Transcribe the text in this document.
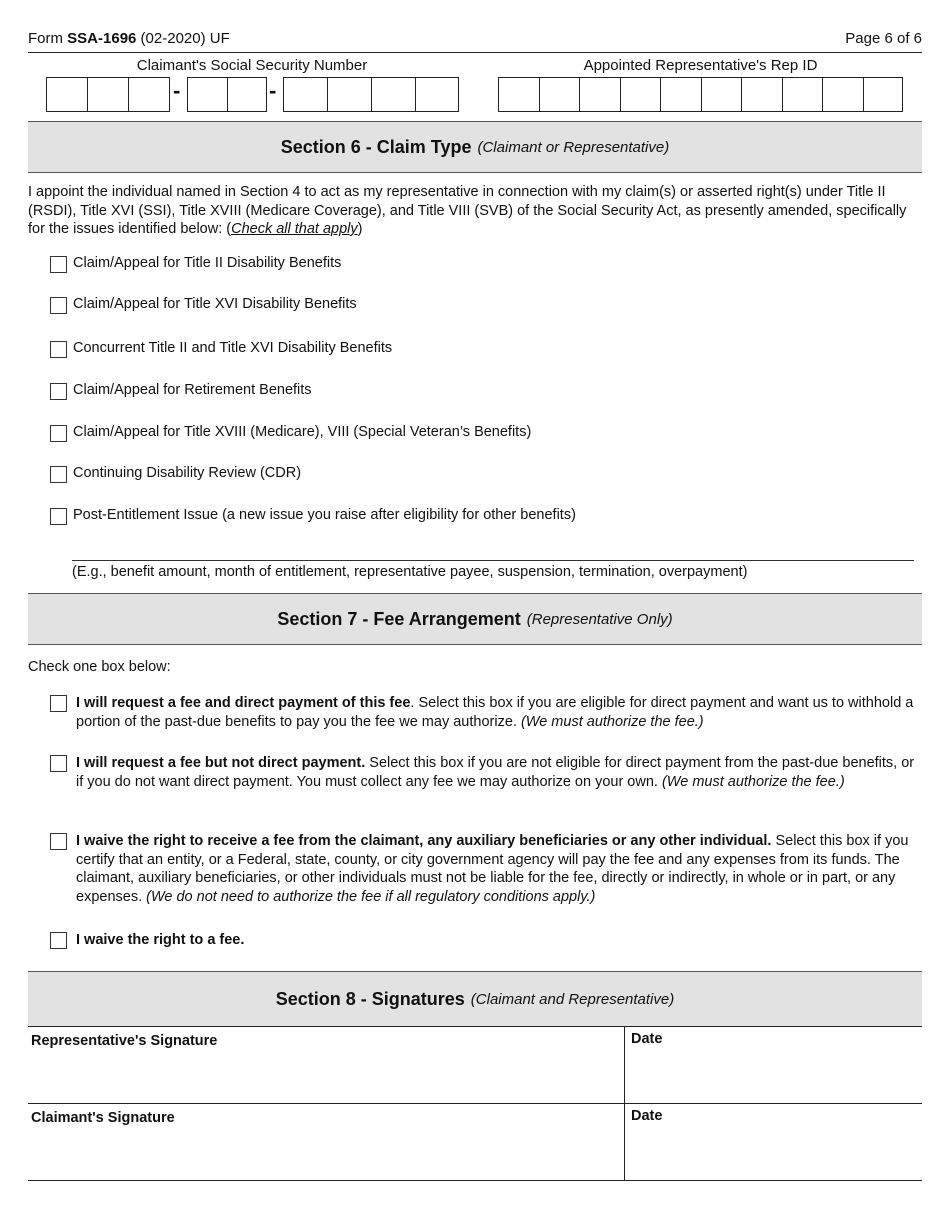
Form SSA-1696 (02-2020) UF	Page 6 of 6
Claimant's Social Security Number	Appointed Representative's Rep ID
-	-
Section 6 - Claim Type (Claimant or Representative)
I appoint the individual named in Section 4 to act as my representative in connection with my claim(s) or asserted right(s) under Title II (RSDI), Title XVI (SSI), Title XVIII (Medicare Coverage), and Title VIII (SVB) of the Social Security Act, as presently amended, specifically for the issues identified below: (Check all that apply)
Claim/Appeal for Title II Disability Benefits
Claim/Appeal for Title XVI Disability Benefits
Concurrent Title II and Title XVI Disability Benefits
Claim/Appeal for Retirement Benefits
Claim/Appeal for Title XVIII (Medicare), VIII (Special Veteran’s Benefits)
Continuing Disability Review (CDR)
Post-Entitlement Issue (a new issue you raise after eligibility for other benefits)
(E.g., benefit amount, month of entitlement, representative payee, suspension, termination, overpayment)
Section 7 - Fee Arrangement (Representative Only)
Check one box below:
I will request a fee and direct payment of this fee. Select this box if you are eligible for direct payment and want us to withhold a portion of the past-due benefits to pay you the fee we may authorize. (We must authorize the fee.)
I will request a fee but not direct payment. Select this box if you are not eligible for direct payment from the past-due benefits, or if you do not want direct payment. You must collect any fee we may authorize on your own. (We must authorize the fee.)
I waive the right to receive a fee from the claimant, any auxiliary beneficiaries or any other individual. Select this box if you certify that an entity, or a Federal, state, county, or city government agency will pay the fee and any expenses from its funds. The claimant, auxiliary beneficiaries, or other individuals must not be liable for the fee, directly or indirectly, in whole or in part, or any expenses. (We do not need to authorize the fee if all regulatory conditions apply.)
I waive the right to a fee.
Section 8 - Signatures (Claimant and Representative)
Representative's Signature	Date
Claimant's Signature	Date
